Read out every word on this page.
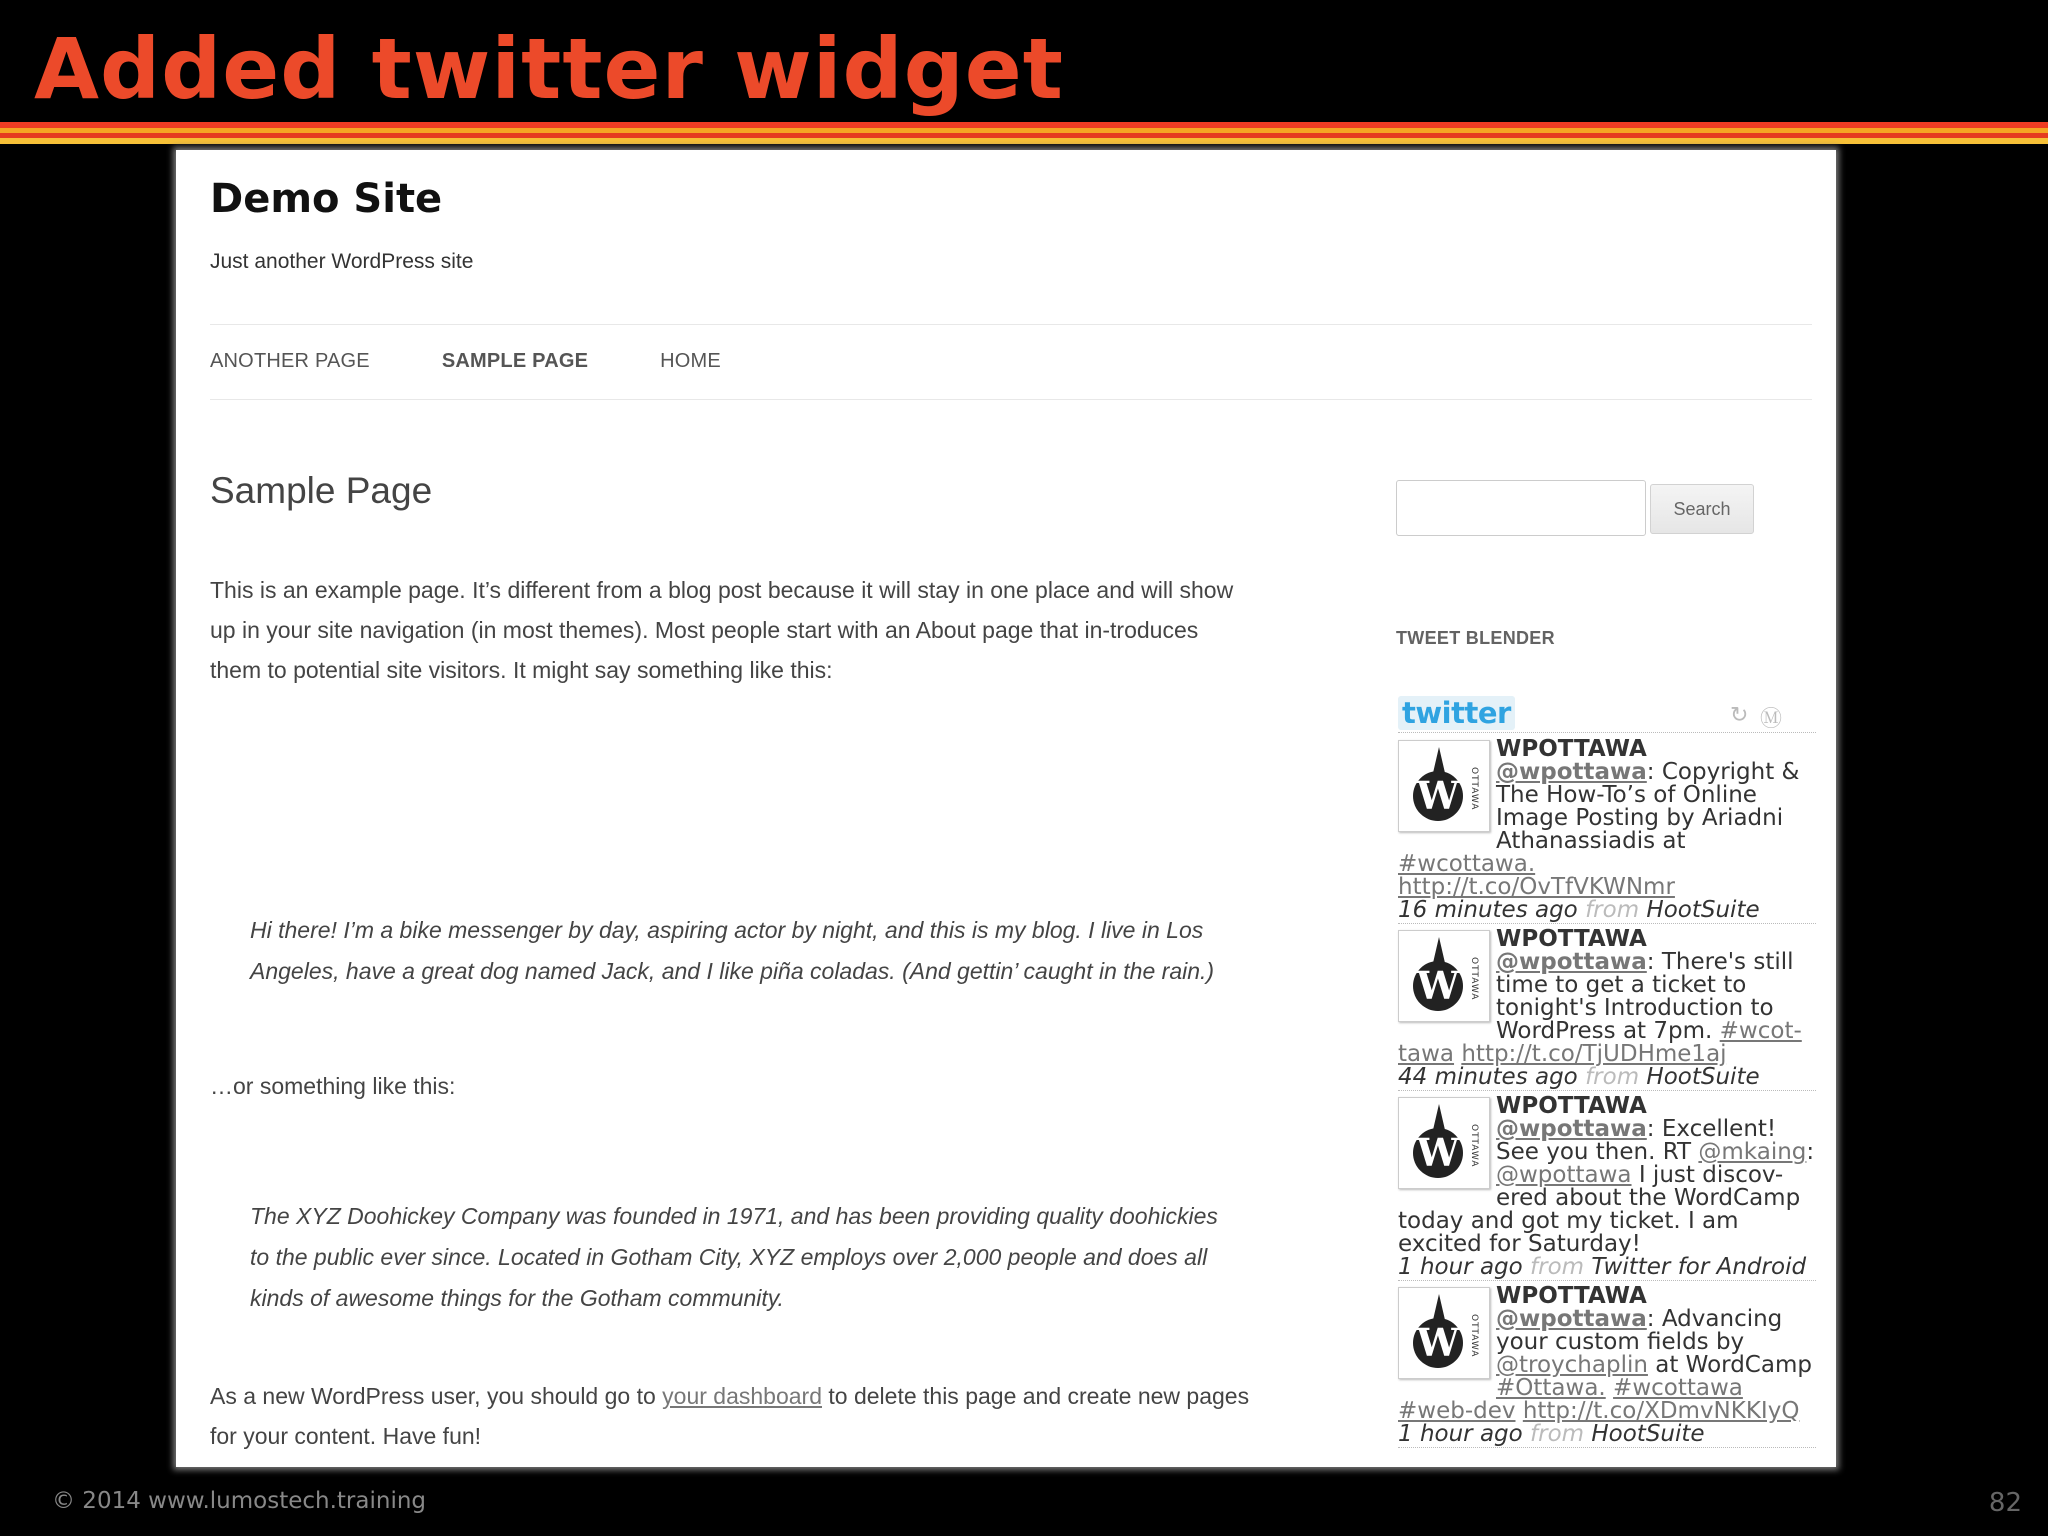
Added twitter widget
Demo Site
Just another WordPress site
ANOTHER PAGE	SAMPLE PAGE	HOME
Sample Page

This is an example page. It’s different from a blog post because it will stay in one place and will show up in your site navigation (in most themes). Most people start with an About page that in-troduces them to potential site visitors. It might say something like this:

Hi there! I’m a bike messenger by day, aspiring actor by night, and this is my blog. I live in Los Angeles, have a great dog named Jack, and I like piña coladas. (And gettin’ caught in the rain.)

…or something like this:

The XYZ Doohickey Company was founded in 1971, and has been providing quality doohickies to the public ever since. Located in Gotham City, XYZ employs over 2,000 people and does all kinds of awesome things for the Gotham community.

As a new WordPress user, you should go to your dashboard to delete this page and create new pages for your content. Have fun!

Search
TWEET BLENDER
twitter	↻ Ⓜ
W	OTTAWA
WPOTTAWA
@wpottawa: Copyright & The How-To’s of Online Image Posting by Ariadni Athanassiadis at #wcottawa. http://t.co/OvTfVKWNmr
16 minutes ago from HootSuite
W	OTTAWA
WPOTTAWA
@wpottawa: There's still time to get a ticket to tonight's Introduction to WordPress at 7pm. #wcot-tawa http://t.co/TjUDHme1aj
44 minutes ago from HootSuite
W	OTTAWA
WPOTTAWA
@wpottawa: Excellent! See you then. RT @mkaing: @wpottawa I just discov-ered about the WordCamp today and got my ticket. I am excited for Saturday!
1 hour ago from Twitter for Android
W	OTTAWA
WPOTTAWA
@wpottawa: Advancing your custom fields by @troychaplin at WordCamp #Ottawa. #wcottawa #web-dev http://t.co/XDmvNKKIyQ
1 hour ago from HootSuite
© 2014 www.lumostech.training	82
